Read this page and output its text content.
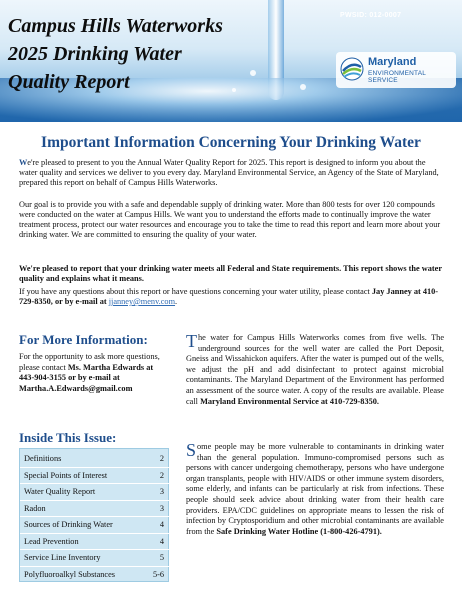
Campus Hills Waterworks
2025 Drinking Water
Quality Report
PWSID: 012-0007
Maryland
ENVIRONMENTAL
SERVICE
Important Information Concerning Your Drinking Water
We're pleased to present to you the Annual Water Quality Report for 2025. This report is designed to inform you about the water quality and services we deliver to you every day. Maryland Environmental Service, an Agency of the State of Maryland, prepared this report on behalf of Campus Hills Waterworks.
Our goal is to provide you with a safe and dependable supply of drinking water. More than 800 tests for over 120 compounds were conducted on the water at Campus Hills. We want you to understand the efforts made to continually improve the water treatment process, protect our water resources and encourage you to take the time to read this report and learn more about your drinking water. We are committed to ensuring the quality of your water.
We're pleased to report that your drinking water meets all Federal and State requirements. This report shows the water quality and explains what it means.
If you have any questions about this report or have questions concerning your water utility, please contact Jay Janney at 410-729-8350, or by e-mail at jjanney@menv.com.
For More Information:
For the opportunity to ask more questions, please contact Ms. Martha Edwards at 443-904-3155 or by e-mail at Martha.A.Edwards@gmail.com
Inside This Issue:
Definitions	2
Special Points of Interest	2
Water Quality Report	3
Radon	3
Sources of Drinking Water	4
Lead Prevention	4
Service Line Inventory	5
Polyfluoroalkyl Substances	5-6
The water for Campus Hills Waterworks comes from five wells. The underground sources for the well water are called the Port Deposit, Gneiss and Wissahickon aquifers. After the water is pumped out of the wells, we adjust the pH and add disinfectant to protect against microbial contaminants. The Maryland Department of the Environment has performed an assessment of the source water. A copy of the results are available. Please call Maryland Environmental Service at 410-729-8350.
Some people may be more vulnerable to contaminants in drinking water than the general population. Immuno-compromised persons such as persons with cancer undergoing chemotherapy, persons who have undergone organ transplants, people with HIV/AIDS or other immune system disorders, some elderly, and infants can be particularly at risk from infections. These people should seek advice about drinking water from their health care providers. EPA/CDC guidelines on appropriate means to lessen the risk of infection by Cryptosporidium and other microbial contaminants are available from the Safe Drinking Water Hotline (1-800-426-4791).
